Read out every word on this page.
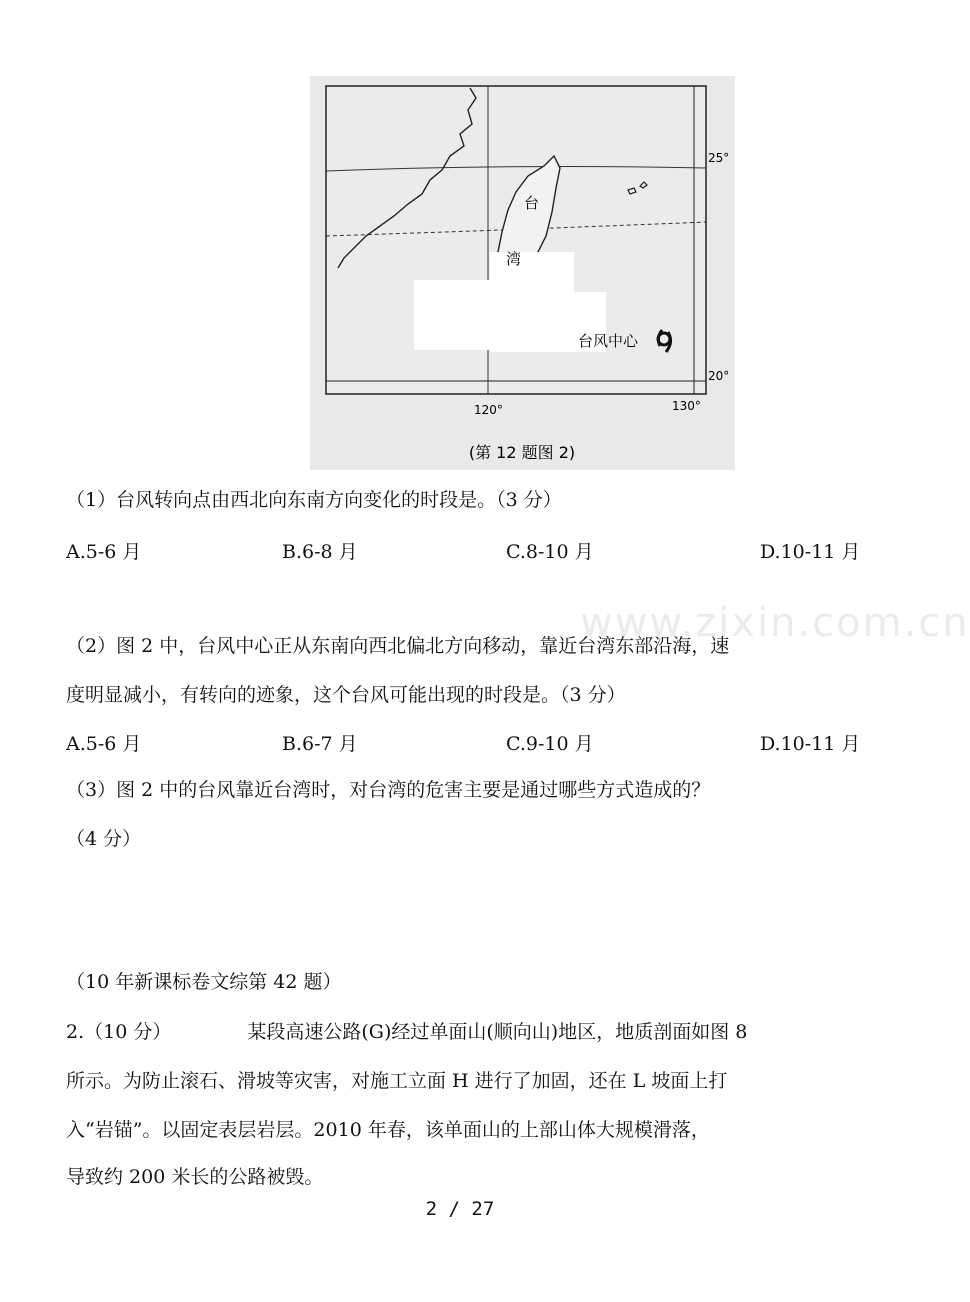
台
湾
台风中心
25°
20°
120°	130°
(第 12 题图 2)
（1）台风转向点由西北向东南方向变化的时段是。（3 分）
A.5-6 月	B.6-8 月	C.8-10 月	D.10-11 月
www.zixin.com.cn
（2）图 2 中，台风中心正从东南向西北偏北方向移动，靠近台湾东部沿海，速
度明显减小，有转向的迹象，这个台风可能出现的时段是。（3 分）
A.5-6 月	B.6-7 月	C.9-10 月	D.10-11 月
（3）图 2 中的台风靠近台湾时，对台湾的危害主要是通过哪些方式造成的？
（4 分）
（10 年新课标卷文综第 42 题）
2.（10 分）	某段高速公路(G)经过单面山(顺向山)地区，地质剖面如图 8
所示。为防止滚石、滑坡等灾害，对施工立面 H 进行了加固，还在 L 坡面上打
入“岩锚”。以固定表层岩层。2010 年春，该单面山的上部山体大规模滑落，
导致约 200 米长的公路被毁。
2 / 27
